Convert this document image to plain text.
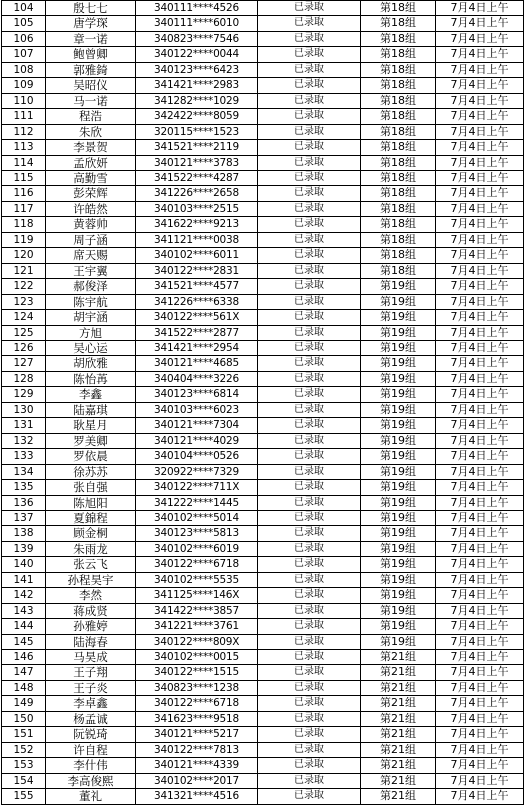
104	殷七七	340111****4526	已录取	第18组	7月4日上午
105	唐学琛	340111****6010	已录取	第18组	7月4日上午
106	章一诺	340823****7546	已录取	第18组	7月4日上午
107	鲍曾卿	340122****0044	已录取	第18组	7月4日上午
108	郭雅錡	340123****6423	已录取	第18组	7月4日上午
109	吴昭仪	341421****2983	已录取	第18组	7月4日上午
110	马一诺	341282****1029	已录取	第18组	7月4日上午
111	程浩	342422****8059	已录取	第18组	7月4日上午
112	朱欣	320115****1523	已录取	第18组	7月4日上午
113	李景贺	341521****2119	已录取	第18组	7月4日上午
114	孟欣妍	340121****3783	已录取	第18组	7月4日上午
115	高勤雪	341522****4287	已录取	第18组	7月4日上午
116	彭荣辉	341226****2658	已录取	第18组	7月4日上午
117	许皓然	340103****2515	已录取	第18组	7月4日上午
118	黄蓉帅	341622****9213	已录取	第18组	7月4日上午
119	周子涵	341121****0038	已录取	第18组	7月4日上午
120	席天赐	340102****6011	已录取	第18组	7月4日上午
121	王宇翼	340122****2831	已录取	第18组	7月4日上午
122	郝俊泽	341521****4577	已录取	第19组	7月4日上午
123	陈宇航	341226****6338	已录取	第19组	7月4日上午
124	胡宇涵	340122****561X	已录取	第19组	7月4日上午
125	方旭	341522****2877	已录取	第19组	7月4日上午
126	吴心运	341421****2954	已录取	第19组	7月4日上午
127	胡欣雅	340121****4685	已录取	第19组	7月4日上午
128	陈怡苒	340404****3226	已录取	第19组	7月4日上午
129	李鑫	340123****6814	已录取	第19组	7月4日上午
130	陆嘉琪	340103****6023	已录取	第19组	7月4日上午
131	耿星月	340121****7304	已录取	第19组	7月4日上午
132	罗美卿	340121****4029	已录取	第19组	7月4日上午
133	罗依晨	340104****0526	已录取	第19组	7月4日上午
134	徐苏苏	320922****7329	已录取	第19组	7月4日上午
135	张自强	340122****711X	已录取	第19组	7月4日上午
136	陈旭阳	341222****1445	已录取	第19组	7月4日上午
137	夏錦程	340102****5014	已录取	第19组	7月4日上午
138	顾金桐	340123****5813	已录取	第19组	7月4日上午
139	朱雨龙	340102****6019	已录取	第19组	7月4日上午
140	张云飞	340122****6718	已录取	第19组	7月4日上午
141	孙程昊宇	340102****5535	已录取	第19组	7月4日上午
142	李然	341125****146X	已录取	第19组	7月4日上午
143	蒋成贤	341422****3857	已录取	第19组	7月4日上午
144	孙雅婷	341221****3761	已录取	第19组	7月4日上午
145	陆海春	340122****809X	已录取	第19组	7月4日上午
146	马昊成	340102****0015	已录取	第21组	7月4日上午
147	王子翔	340122****1515	已录取	第21组	7月4日上午
148	王子炎	340823****1238	已录取	第21组	7月4日上午
149	李卓鑫	340122****6718	已录取	第21组	7月4日上午
150	杨孟诚	341623****9518	已录取	第21组	7月4日上午
151	阮锐琦	340121****5217	已录取	第21组	7月4日上午
152	许自程	340122****7813	已录取	第21组	7月4日上午
153	李什伟	340121****4339	已录取	第21组	7月4日上午
154	李高俊熙	340102****2017	已录取	第21组	7月4日上午
155	董礼	341321****4516	已录取	第21组	7月4日上午
